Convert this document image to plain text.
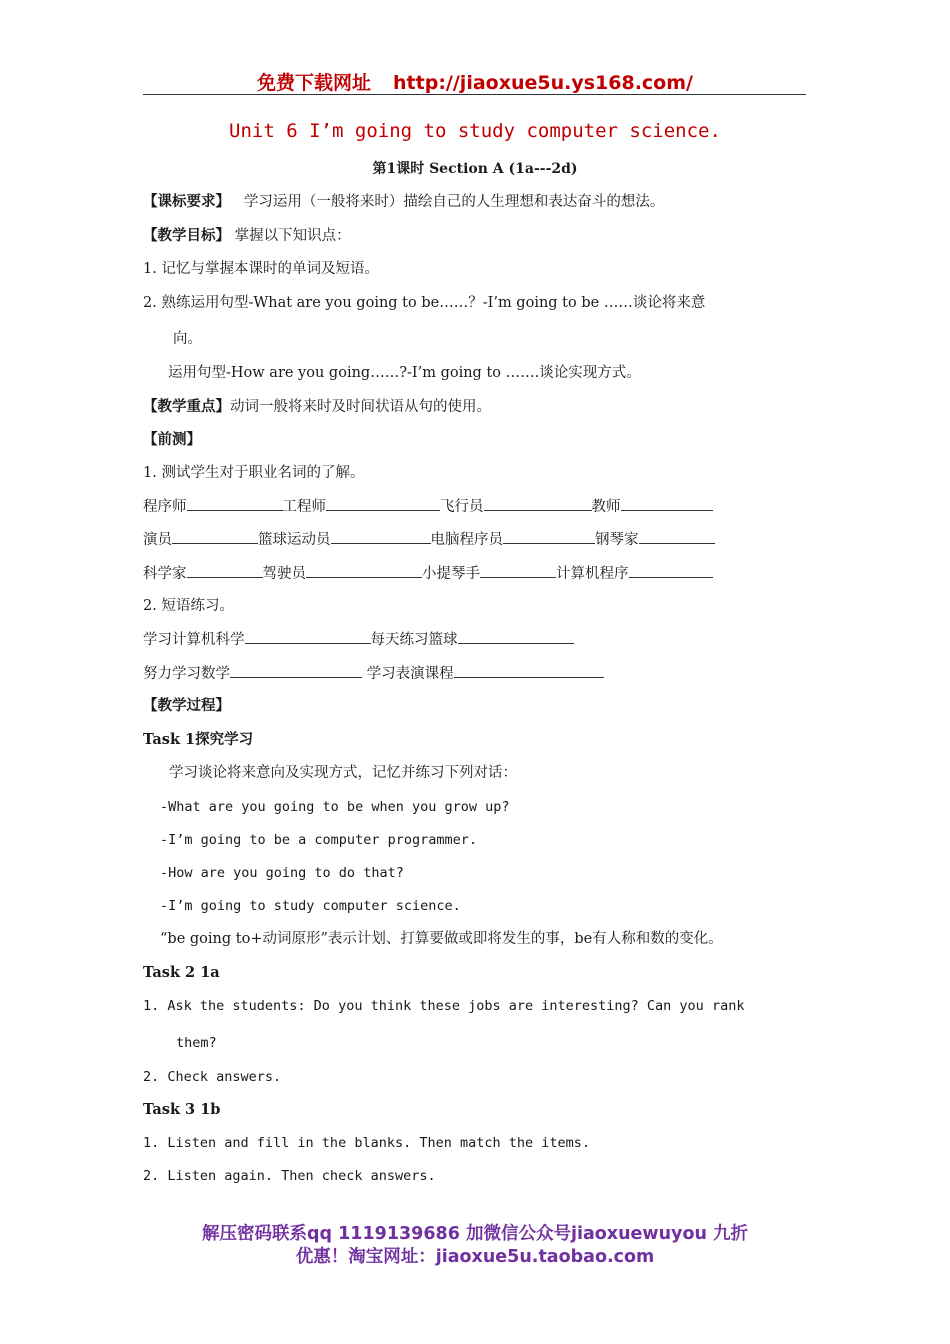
免费下载网址 http://jiaoxue5u.ys168.com/
Unit 6 I’m going to study computer science.
第1课时 Section A (1a---2d)
【课标要求】 学习运用（一般将来时）描绘自己的人生理想和表达奋斗的想法。
【教学目标】 掌握以下知识点：
1. 记忆与掌握本课时的单词及短语。
2. 熟练运用句型-What are you going to be……？-I’m going to be ……谈论将来意
向。
运用句型-How are you going……?-I’m going to …….谈论实现方式。
【教学重点】动词一般将来时及时间状语从句的使用。
【前测】
1. 测试学生对于职业名词的了解。
程序师	工程师	飞行员	教师
演员	篮球运动员	电脑程序员	钢琴家
科学家	驾驶员	小提琴手	计算机程序
2. 短语练习。
学习计算机科学	每天练习篮球
努力学习数学	学习表演课程
【教学过程】
Task 1探究学习
学习谈论将来意向及实现方式，记忆并练习下列对话：
-What are you going to be when you grow up?
-I’m going to be a computer programmer.
-How are you going to do that?
-I’m going to study computer science.
“be going to+动词原形”表示计划、打算要做或即将发生的事，be有人称和数的变化。
Task 2 1a
1. Ask the students: Do you think these jobs are interesting? Can you rank
them?
2. Check answers.
Task 3 1b
1. Listen and fill in the blanks. Then match the items.
2. Listen again. Then check answers.
解压密码联系qq 1119139686 加微信公众号jiaoxuewuyou 九折
优惠！淘宝网址：jiaoxue5u.taobao.com
